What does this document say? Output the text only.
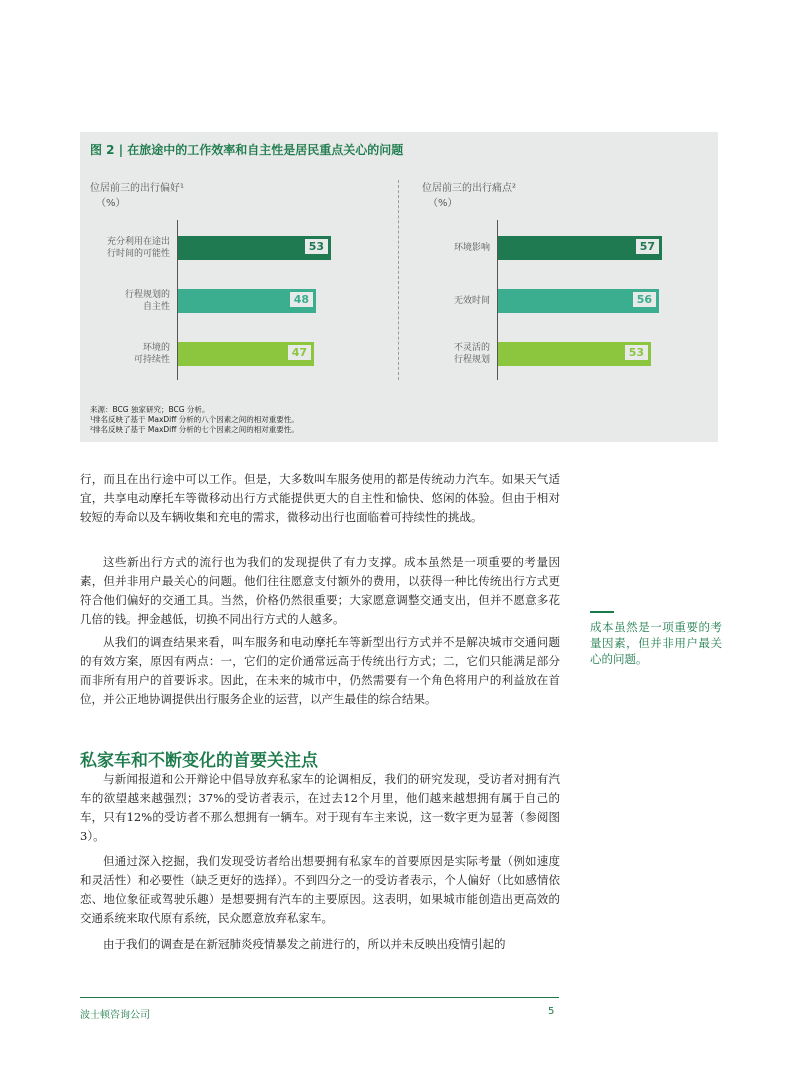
图 2 | 在旅途中的工作效率和自主性是居民重点关心的问题
位居前三的出行偏好¹
（%）
位居前三的出行痛点²
（%）
充分利用在途出
行时间的可能性
53
行程规划的
自主性
48
环境的
可持续性
47
环境影响	57
无效时间	56
不灵活的
行程规划
53
来源：BCG 独家研究；BCG 分析。
¹排名反映了基于 MaxDiff 分析的八个因素之间的相对重要性。
²排名反映了基于 MaxDiff 分析的七个因素之间的相对重要性。
行，而且在出行途中可以工作。但是，大多数叫车服务使用的都是传统动力汽车。如果天气适宜，共享电动摩托车等微移动出行方式能提供更大的自主性和愉快、悠闲的体验。但由于相对较短的寿命以及车辆收集和充电的需求，微移动出行也面临着可持续性的挑战。
这些新出行方式的流行也为我们的发现提供了有力支撑。成本虽然是一项重要的考量因素，但并非用户最关心的问题。他们往往愿意支付额外的费用，以获得一种比传统出行方式更符合他们偏好的交通工具。当然，价格仍然很重要；大家愿意调整交通支出，但并不愿意多花几倍的钱。押金越低，切换不同出行方式的人越多。
从我们的调查结果来看，叫车服务和电动摩托车等新型出行方式并不是解决城市交通问题的有效方案，原因有两点：一，它们的定价通常远高于传统出行方式；二，它们只能满足部分而非所有用户的首要诉求。因此，在未来的城市中，仍然需要有一个角色将用户的利益放在首位，并公正地协调提供出行服务企业的运营，以产生最佳的综合结果。
私家车和不断变化的首要关注点
与新闻报道和公开辩论中倡导放弃私家车的论调相反，我们的研究发现，受访者对拥有汽车的欲望越来越强烈；37%的受访者表示，在过去12个月里，他们越来越想拥有属于自己的车，只有12%的受访者不那么想拥有一辆车。对于现有车主来说，这一数字更为显著（参阅图3）。
但通过深入挖掘，我们发现受访者给出想要拥有私家车的首要原因是实际考量（例如速度和灵活性）和必要性（缺乏更好的选择）。不到四分之一的受访者表示，个人偏好（比如感情依恋、地位象征或驾驶乐趣）是想要拥有汽车的主要原因。这表明，如果城市能创造出更高效的交通系统来取代原有系统，民众愿意放弃私家车。
由于我们的调查是在新冠肺炎疫情暴发之前进行的，所以并未反映出疫情引起的
成本虽然是一项重要的考量因素，但并非用户最关心的问题。
波士顿咨询公司	5
